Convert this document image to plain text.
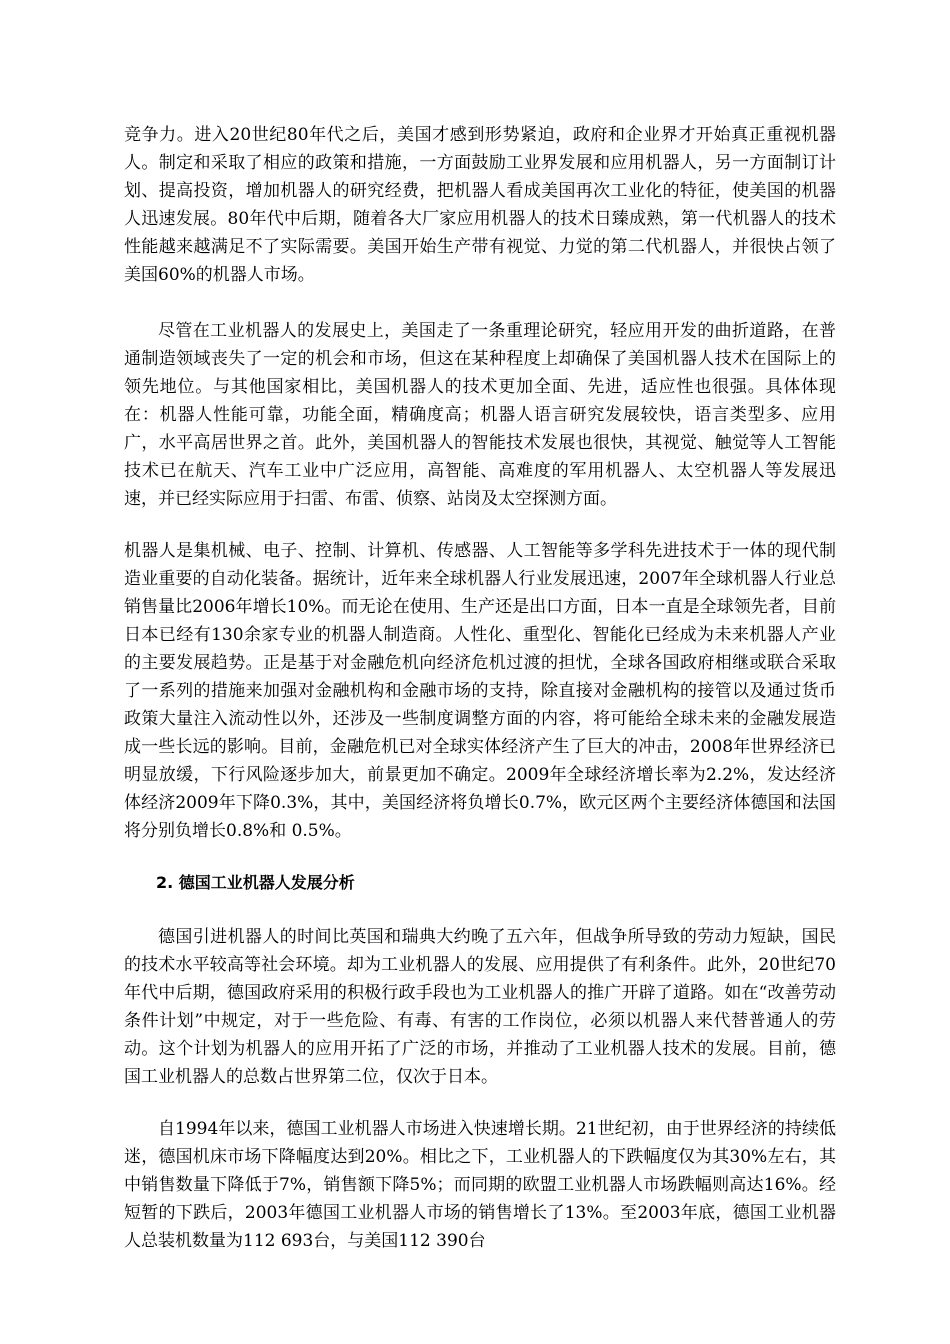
竞争力。进入20世纪80年代之后，美国才感到形势紧迫，政府和企业界才开始真正重视机器人。制定和采取了相应的政策和措施，一方面鼓励工业界发展和应用机器人，另一方面制订计划、提高投资，增加机器人的研究经费，把机器人看成美国再次工业化的特征，使美国的机器人迅速发展。80年代中后期，随着各大厂家应用机器人的技术日臻成熟，第一代机器人的技术性能越来越满足不了实际需要。美国开始生产带有视觉、力觉的第二代机器人，并很快占领了美国60%的机器人市场。

尽管在工业机器人的发展史上，美国走了一条重理论研究，轻应用开发的曲折道路，在普通制造领域丧失了一定的机会和市场，但这在某种程度上却确保了美国机器人技术在国际上的领先地位。与其他国家相比，美国机器人的技术更加全面、先进，适应性也很强。具体体现在：机器人性能可靠，功能全面，精确度高；机器人语言研究发展较快，语言类型多、应用广，水平高居世界之首。此外，美国机器人的智能技术发展也很快，其视觉、触觉等人工智能技术已在航天、汽车工业中广泛应用，高智能、高难度的军用机器人、太空机器人等发展迅速，并已经实际应用于扫雷、布雷、侦察、站岗及太空探测方面。

机器人是集机械、电子、控制、计算机、传感器、人工智能等多学科先进技术于一体的现代制造业重要的自动化装备。据统计，近年来全球机器人行业发展迅速，2007年全球机器人行业总销售量比2006年增长10%。而无论在使用、生产还是出口方面，日本一直是全球领先者，目前日本已经有130余家专业的机器人制造商。人性化、重型化、智能化已经成为未来机器人产业的主要发展趋势。正是基于对金融危机向经济危机过渡的担忧，全球各国政府相继或联合采取了一系列的措施来加强对金融机构和金融市场的支持，除直接对金融机构的接管以及通过货币政策大量注入流动性以外，还涉及一些制度调整方面的内容，将可能给全球未来的金融发展造成一些长远的影响。目前，金融危机已对全球实体经济产生了巨大的冲击，2008年世界经济已明显放缓，下行风险逐步加大，前景更加不确定。2009年全球经济增长率为2.2%，发达经济体经济2009年下降0.3%，其中，美国经济将负增长0.7%，欧元区两个主要经济体德国和法国将分别负增长0.8%和 0.5%。

2. 德国工业机器人发展分析

德国引进机器人的时间比英国和瑞典大约晚了五六年，但战争所导致的劳动力短缺，国民的技术水平较高等社会环境。却为工业机器人的发展、应用提供了有利条件。此外，20世纪70年代中后期，德国政府采用的积极行政手段也为工业机器人的推广开辟了道路。如在“改善劳动条件计划”中规定，对于一些危险、有毒、有害的工作岗位，必须以机器人来代替普通人的劳动。这个计划为机器人的应用开拓了广泛的市场，并推动了工业机器人技术的发展。目前，德国工业机器人的总数占世界第二位，仅次于日本。

自1994年以来，德国工业机器人市场进入快速增长期。21世纪初，由于世界经济的持续低迷，德国机床市场下降幅度达到20%。相比之下，工业机器人的下跌幅度仅为其30%左右，其中销售数量下降低于7%，销售额下降5%；而同期的欧盟工业机器人市场跌幅则高达16%。经短暂的下跌后，2003年德国工业机器人市场的销售增长了13%。至2003年底，德国工业机器人总装机数量为112 693台，与美国112 390台
